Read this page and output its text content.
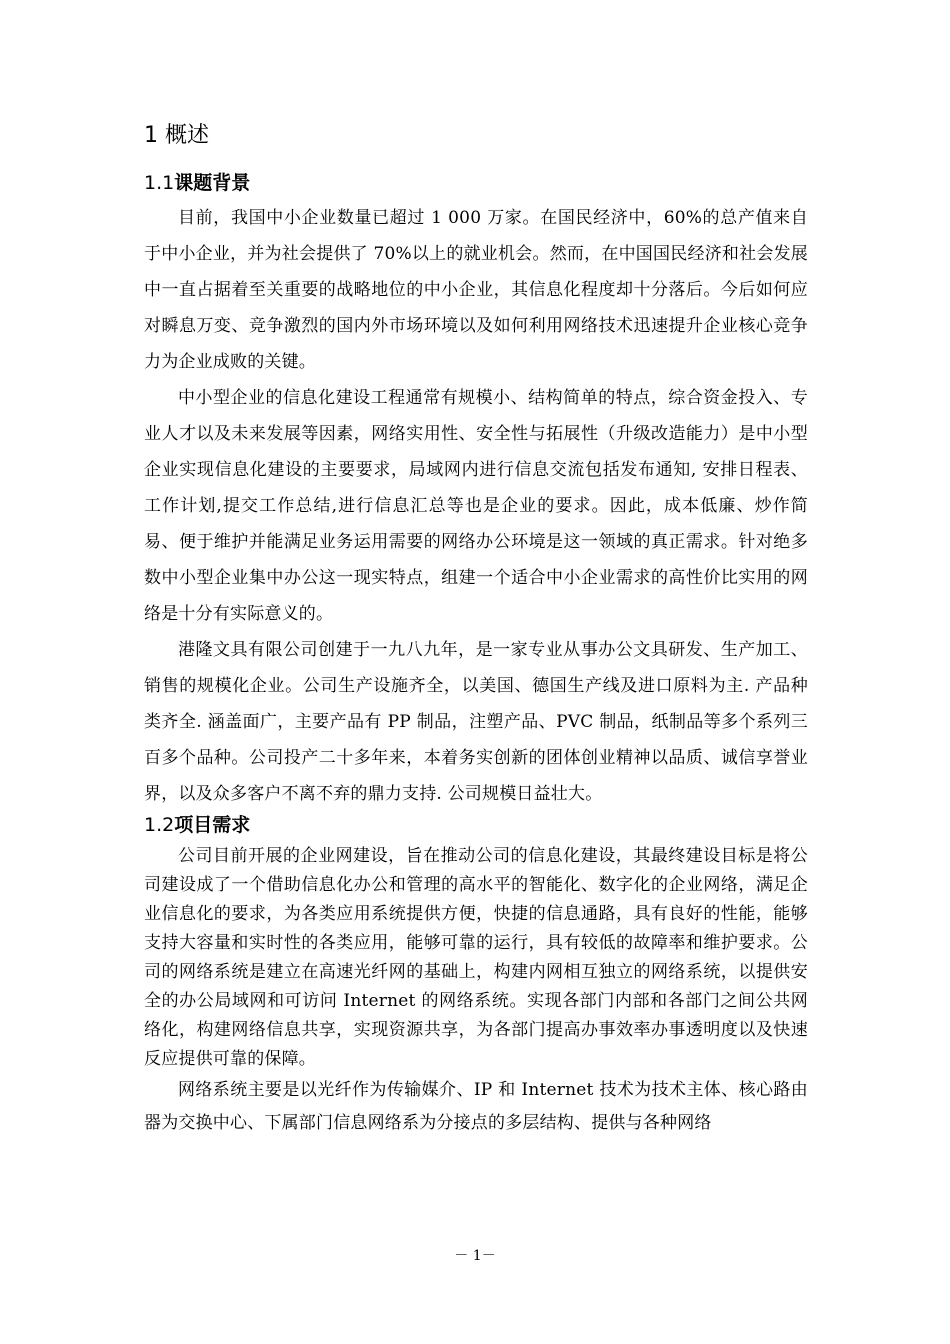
1 概述
1.1课题背景

目前，我国中小企业数量已超过 1 000 万家。在国民经济中，60%的总产值来自于中小企业，并为社会提供了 70%以上的就业机会。然而，在中国国民经济和社会发展中一直占据着至关重要的战略地位的中小企业，其信息化程度却十分落后。今后如何应对瞬息万变、竞争激烈的国内外市场环境以及如何利用网络技术迅速提升企业核心竞争力为企业成败的关键。

中小型企业的信息化建设工程通常有规模小、结构简单的特点，综合资金投入、专业人才以及未来发展等因素，网络实用性、安全性与拓展性（升级改造能力）是中小型企业实现信息化建设的主要要求，局域网内进行信息交流包括发布通知, 安排日程表、工作计划,提交工作总结,进行信息汇总等也是企业的要求。因此，成本低廉、炒作简易、便于维护并能满足业务运用需要的网络办公环境是这一领域的真正需求。针对绝多数中小型企业集中办公这一现实特点，组建一个适合中小企业需求的高性价比实用的网络是十分有实际意义的。

港隆文具有限公司创建于一九八九年，是一家专业从事办公文具研发、生产加工、销售的规模化企业。公司生产设施齐全，以美国、德国生产线及进口原料为主. 产品种类齐全. 涵盖面广，主要产品有 PP 制品，注塑产品、PVC 制品，纸制品等多个系列三百多个品种。公司投产二十多年来，本着务实创新的团体创业精神以品质、诚信享誉业界，以及众多客户不离不弃的鼎力支持. 公司规模日益壮大。

1.2项目需求

公司目前开展的企业网建设，旨在推动公司的信息化建设，其最终建设目标是将公司建设成了一个借助信息化办公和管理的高水平的智能化、数字化的企业网络，满足企业信息化的要求，为各类应用系统提供方便，快捷的信息通路，具有良好的性能，能够支持大容量和实时性的各类应用，能够可靠的运行，具有较低的故障率和维护要求。公司的网络系统是建立在高速光纤网的基础上，构建内网相互独立的网络系统，以提供安全的办公局域网和可访问 Internet 的网络系统。实现各部门内部和各部门之间公共网络化，构建网络信息共享，实现资源共享，为各部门提高办事效率办事透明度以及快速反应提供可靠的保障。

网络系统主要是以光纤作为传输媒介、IP 和 Internet 技术为技术主体、核心路由器为交换中心、下属部门信息网络系为分接点的多层结构、提供与各种网络

－ 1－
